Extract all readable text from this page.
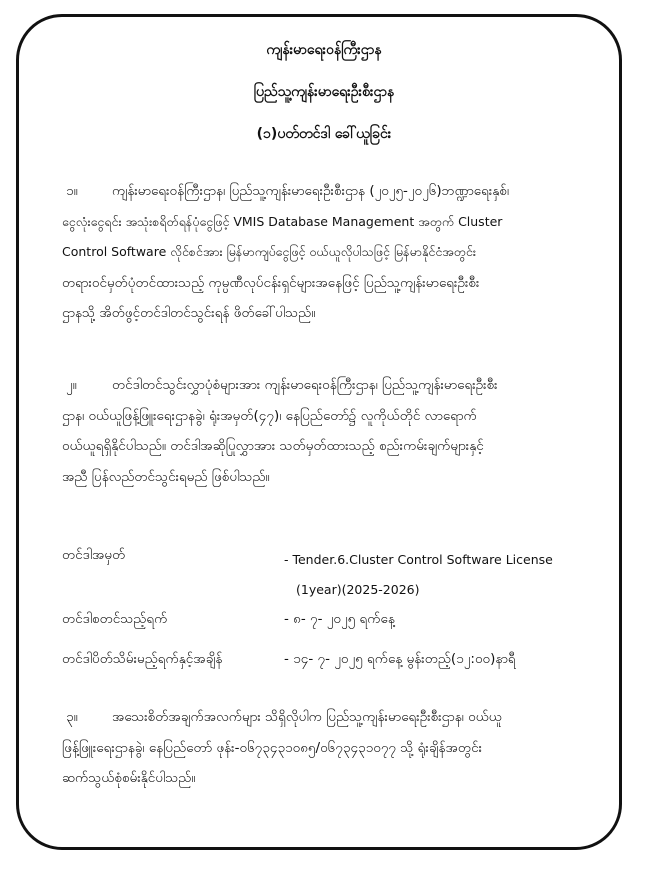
ကျန်းမာရေးဝန်ကြီးဌာန
ပြည်သူ့ကျန်းမာရေးဦးစီးဌာန
(၁)ပတ်တင်ဒါ ခေါ်ယူခြင်း

၁။	ကျန်းမာရေးဝန်ကြီးဌာန၊ ပြည်သူ့ကျန်းမာရေးဦးစီးဌာန (၂၀၂၅-၂၀၂၆)ဘဏ္ဍာရေးနှစ်၊
ငွေလုံးငွေရင်း အသုံးစရိတ်ရန်ပုံငွေဖြင့် VMIS Database Management အတွက် Cluster
Control Software လိုင်စင်အား မြန်မာကျပ်ငွေဖြင့် ဝယ်ယူလိုပါသဖြင့် မြန်မာနိုင်ငံအတွင်း
တရားဝင်မှတ်ပုံတင်ထားသည့် ကုမ္ပဏီလုပ်ငန်းရှင်များအနေဖြင့် ပြည်သူ့ကျန်းမာရေးဦးစီး
ဌာနသို့ အိတ်ဖွင့်တင်ဒါတင်သွင်းရန် ဖိတ်ခေါ်ပါသည်။

၂။	တင်ဒါတင်သွင်းလွှာပုံစံများအား ကျန်းမာရေးဝန်ကြီးဌာန၊ ပြည်သူ့ကျန်းမာရေးဦးစီး
ဌာန၊ ဝယ်ယူဖြန့်ဖြူးရေးဌာနခွဲ၊ ရုံးအမှတ်(၄၇)၊ နေပြည်တော်၌ လူကိုယ်တိုင် လာရောက်
ဝယ်ယူရရှိနိုင်ပါသည်။ တင်ဒါအဆိုပြုလွှာအား သတ်မှတ်ထားသည့် စည်းကမ်းချက်များနှင့်
အညီ ပြန်လည်တင်သွင်းရမည် ဖြစ်ပါသည်။

တင်ဒါအမှတ်	- Tender.6.Cluster Control Software License
(1year)(2025-2026)
တင်ဒါစတင်သည့်ရက်	- ၈- ၇- ၂၀၂၅ ရက်နေ့
တင်ဒါပိတ်သိမ်းမည့်ရက်နှင့်အချိန်	- ၁၄- ၇- ၂၀၂၅ ရက်နေ့ မွန်းတည့်(၁၂:၀၀)နာရီ

၃။	အသေးစိတ်အချက်အလက်များ သိရှိလိုပါက ပြည်သူ့ကျန်းမာရေးဦးစီးဌာန၊ ဝယ်ယူ
ဖြန့်ဖြူးရေးဌာနခွဲ၊ နေပြည်တော် ဖုန်း-၀၆၇၃၄၃၁၀၈၅/၀၆၇၃၄၃၁၀၇၇ သို့ ရုံးချိန်အတွင်း
ဆက်သွယ်စုံစမ်းနိုင်ပါသည်။
